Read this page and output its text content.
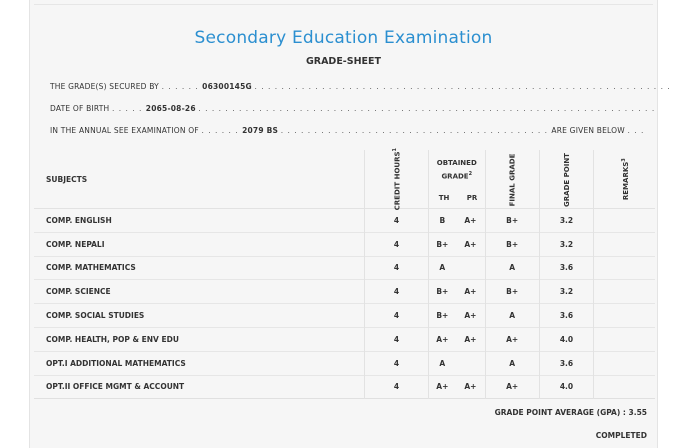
Secondary Education Examination
GRADE-SHEET
THE GRADE(S) SECURED BY . . . . . . 06300145G . . . . . . . . . . . . . . . . . . . . . . . . . . . . . . . . . . . . . . . . . . . . . . . . . . . . . . . . . . . . . .
DATE OF BIRTH . . . . . 2065-08-26 . . . . . . . . . . . . . . . . . . . . . . . . . . . . . . . . . . . . . . . . . . . . . . . . . . . . . . . . . . . . . . . . . . . .
IN THE ANNUAL SEE EXAMINATION OF . . . . . . 2079 BS . . . . . . . . . . . . . . . . . . . . . . . . . . . . . . . . . . . . . . . . ARE GIVEN BELOW . . .
SUBJECTS	CREDIT HOURS$^1$	OBTAINED GRADE$^2$
TH PR		FINAL GRADE	GRADE POINT	REMARKS$^3$
COMP. ENGLISH	4	B	A+	B+	3.2	
COMP. NEPALI	4	B+	A+	B+	3.2	
COMP. MATHEMATICS	4	A		A	3.6	
COMP. SCIENCE	4	B+	A+	B+	3.2	
COMP. SOCIAL STUDIES	4	B+	A+	A	3.6	
COMP. HEALTH, POP & ENV EDU	4	A+	A+	A+	4.0	
OPT.I ADDITIONAL MATHEMATICS	4	A		A	3.6	
OPT.II OFFICE MGMT & ACCOUNT	4	A+	A+	A+	4.0	
GRADE POINT AVERAGE (GPA) : 3.55
COMPLETED
